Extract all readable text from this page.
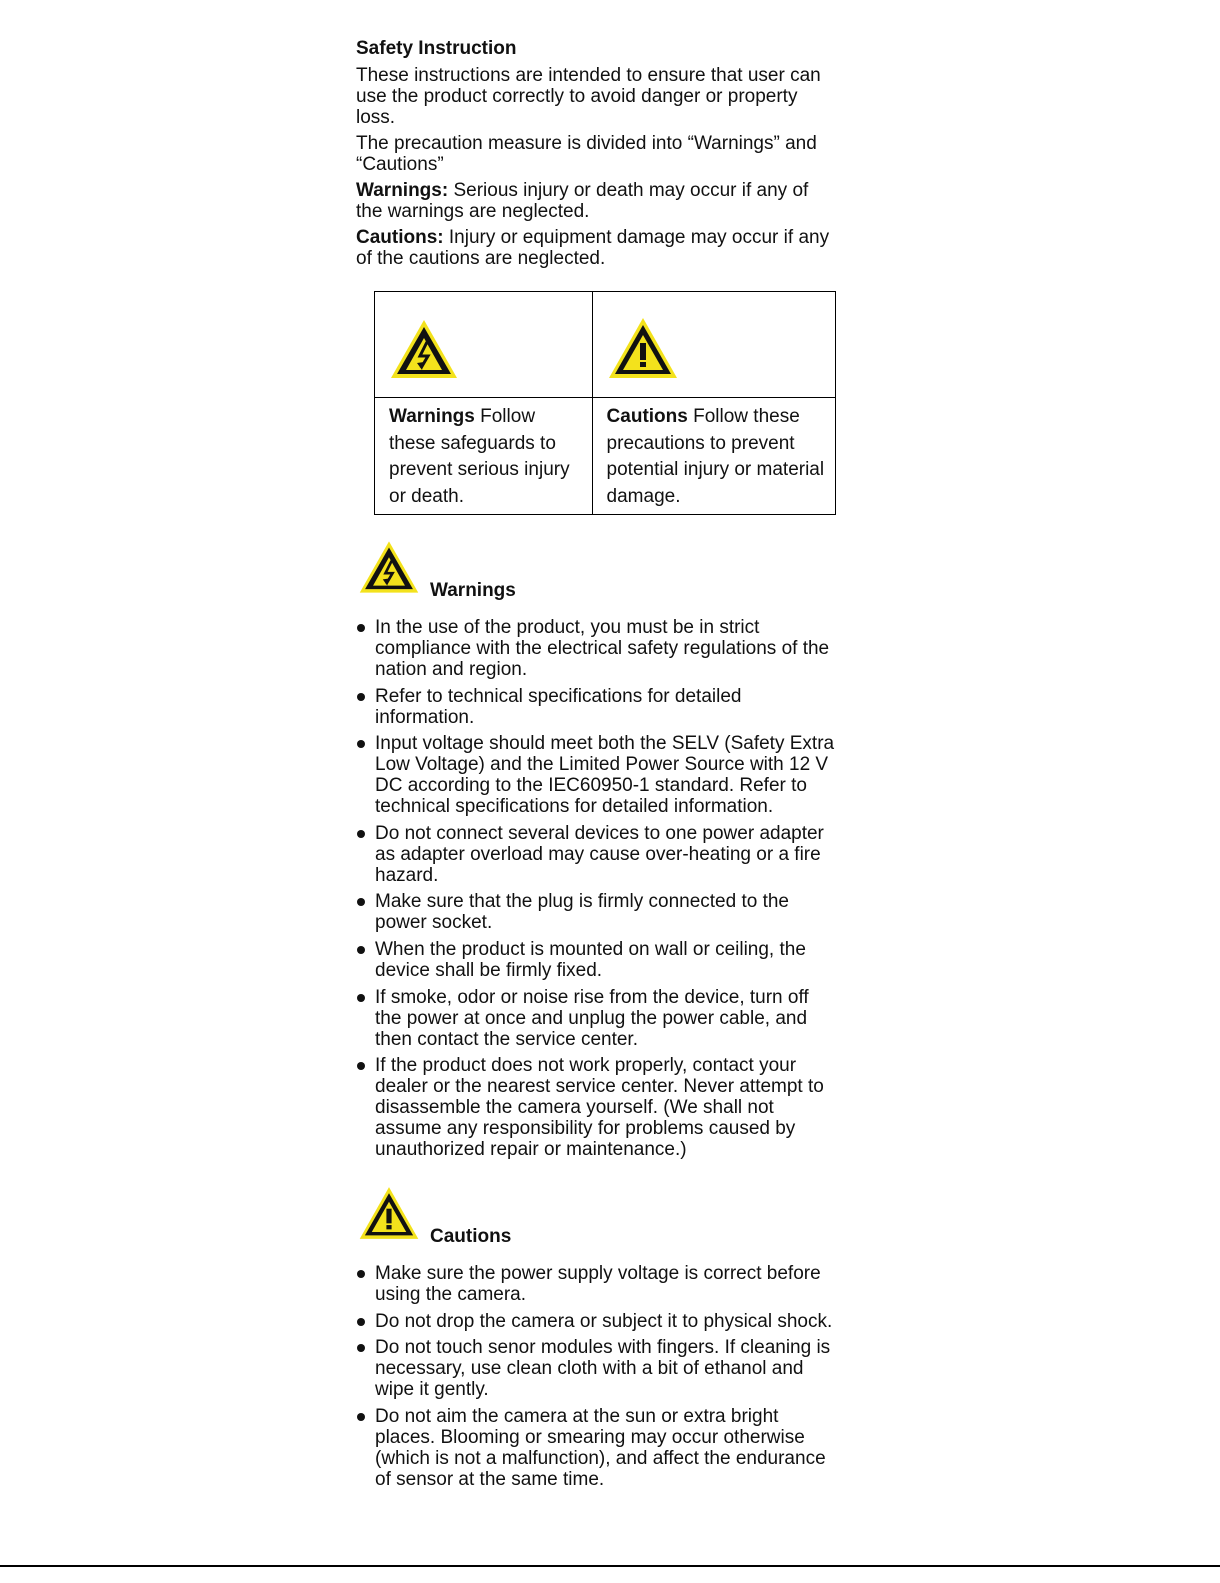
Safety Instruction

These instructions are intended to ensure that user can use the product correctly to avoid danger or property loss.

The precaution measure is divided into “Warnings” and “Cautions”

Warnings: Serious injury or death may occur if any of the warnings are neglected.

Cautions: Injury or equipment damage may occur if any of the cautions are neglected.

Warnings Follow these safeguards to prevent serious injury or death.	Cautions Follow these precautions to prevent potential injury or material damage.
Warnings
In the use of the product, you must be in strict compliance with the electrical safety regulations of the nation and region.
Refer to technical specifications for detailed information.
Input voltage should meet both the SELV (Safety Extra Low Voltage) and the Limited Power Source with 12 V DC according to the IEC60950-1 standard. Refer to technical specifications for detailed information.
Do not connect several devices to one power adapter as adapter overload may cause over-heating or a fire hazard.
Make sure that the plug is firmly connected to the power socket.
When the product is mounted on wall or ceiling, the device shall be firmly fixed.
If smoke, odor or noise rise from the device, turn off the power at once and unplug the power cable, and then contact the service center.
If the product does not work properly, contact your dealer or the nearest service center. Never attempt to disassemble the camera yourself. (We shall not assume any responsibility for problems caused by unauthorized repair or maintenance.)
Cautions
Make sure the power supply voltage is correct before using the camera.
Do not drop the camera or subject it to physical shock.
Do not touch senor modules with fingers. If cleaning is necessary, use clean cloth with a bit of ethanol and wipe it gently.
Do not aim the camera at the sun or extra bright places. Blooming or smearing may occur otherwise (which is not a malfunction), and affect the endurance of sensor at the same time.
